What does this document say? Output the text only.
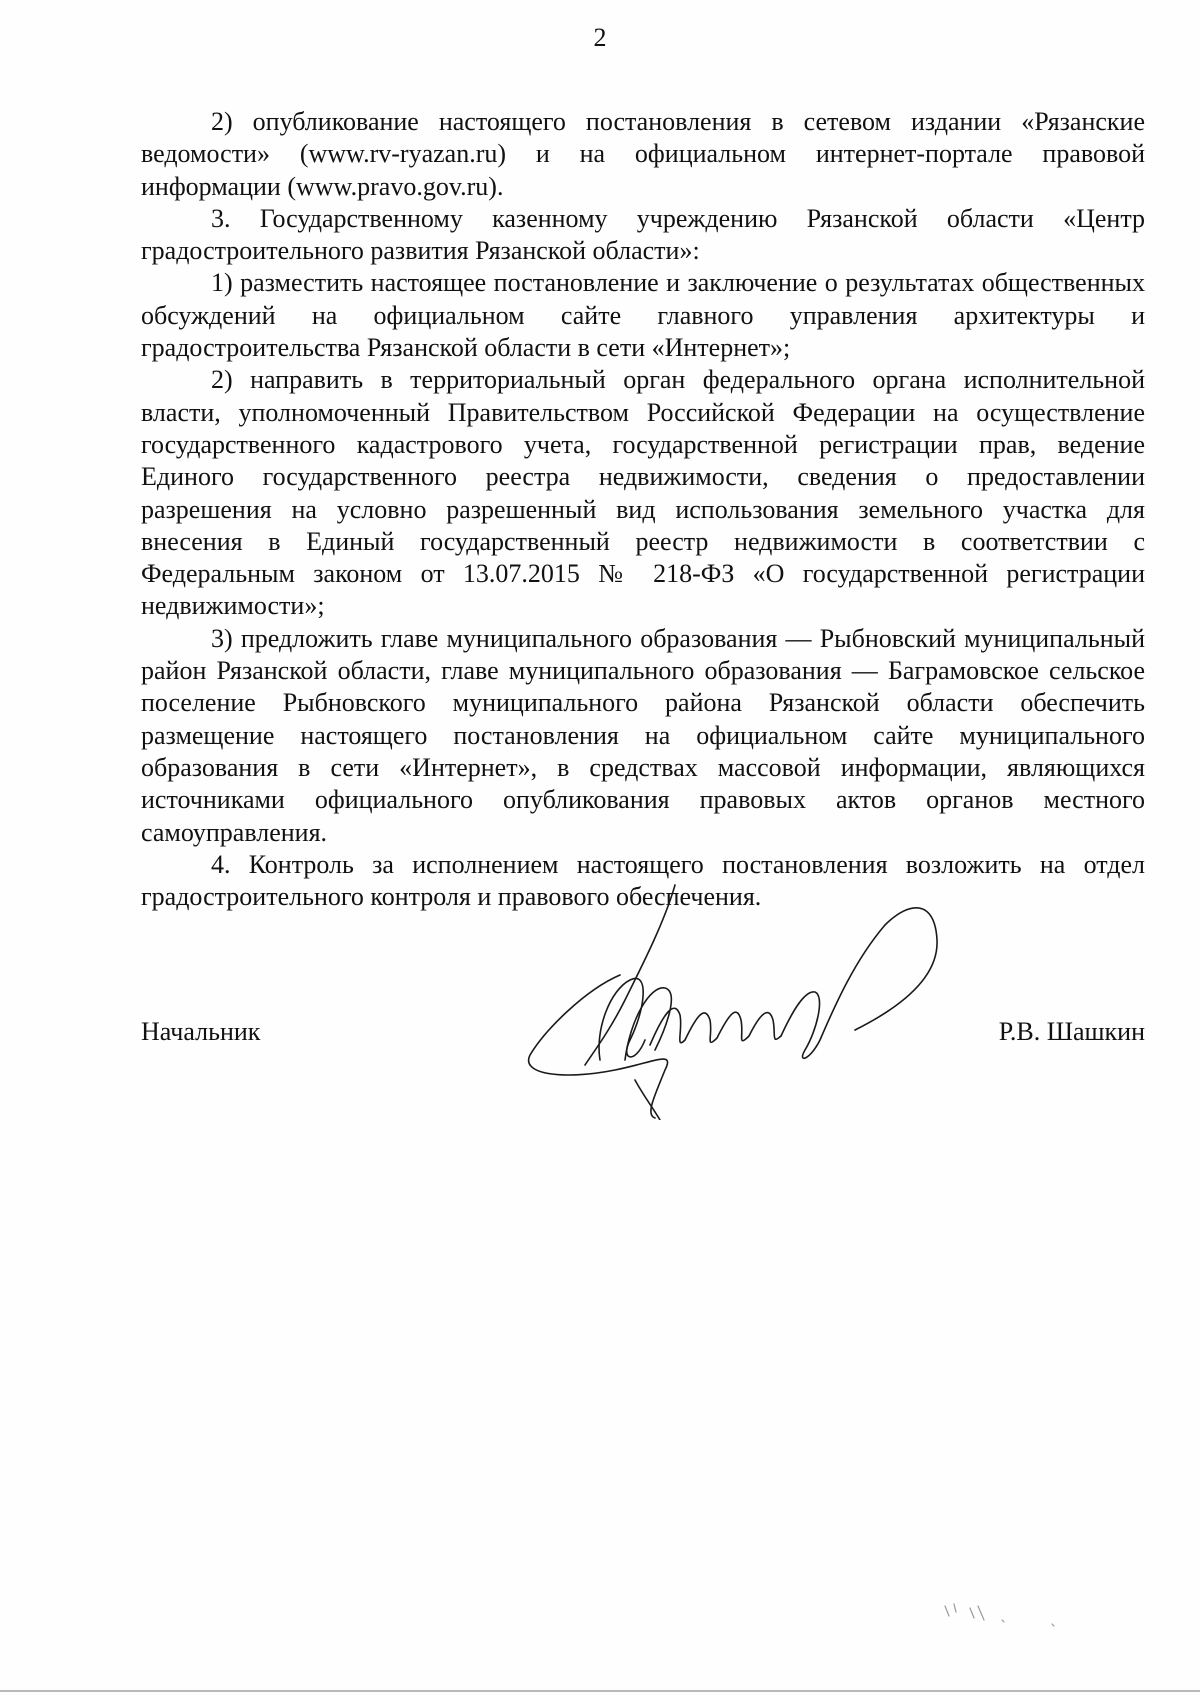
2

2) опубликование настоящего постановления в сетевом издании «Рязанские ведомости» (www.rv-ryazan.ru) и на официальном интернет-портале правовой информации (www.pravo.gov.ru).

3. Государственному казенному учреждению Рязанской области «Центр градостроительного развития Рязанской области»:

1) разместить настоящее постановление и заключение о результатах общественных обсуждений на официальном сайте главного управления архитектуры и градостроительства Рязанской области в сети «Интернет»;

2) направить в территориальный орган федерального органа исполнительной власти, уполномоченный Правительством Российской Федерации на осуществление государственного кадастрового учета, государственной регистрации прав, ведение Единого государственного реестра недвижимости, сведения о предоставлении разрешения на условно разрешенный вид использования земельного участка для внесения в Единый государственный реестр недвижимости в соответствии с Федеральным законом от 13.07.2015 № 218-ФЗ «О государственной регистрации недвижимости»;

3) предложить главе муниципального образования — Рыбновский муниципальный район Рязанской области, главе муниципального образования — Баграмовское сельское поселение Рыбновского муниципального района Рязанской области обеспечить размещение настоящего постановления на официальном сайте муниципального образования в сети «Интернет», в средствах массовой информации, являющихся источниками официального опубликования правовых актов органов местного самоуправления.

4. Контроль за исполнением настоящего постановления возложить на отдел градостроительного контроля и правового обеспечения.

Начальник	Р.В. Шашкин
